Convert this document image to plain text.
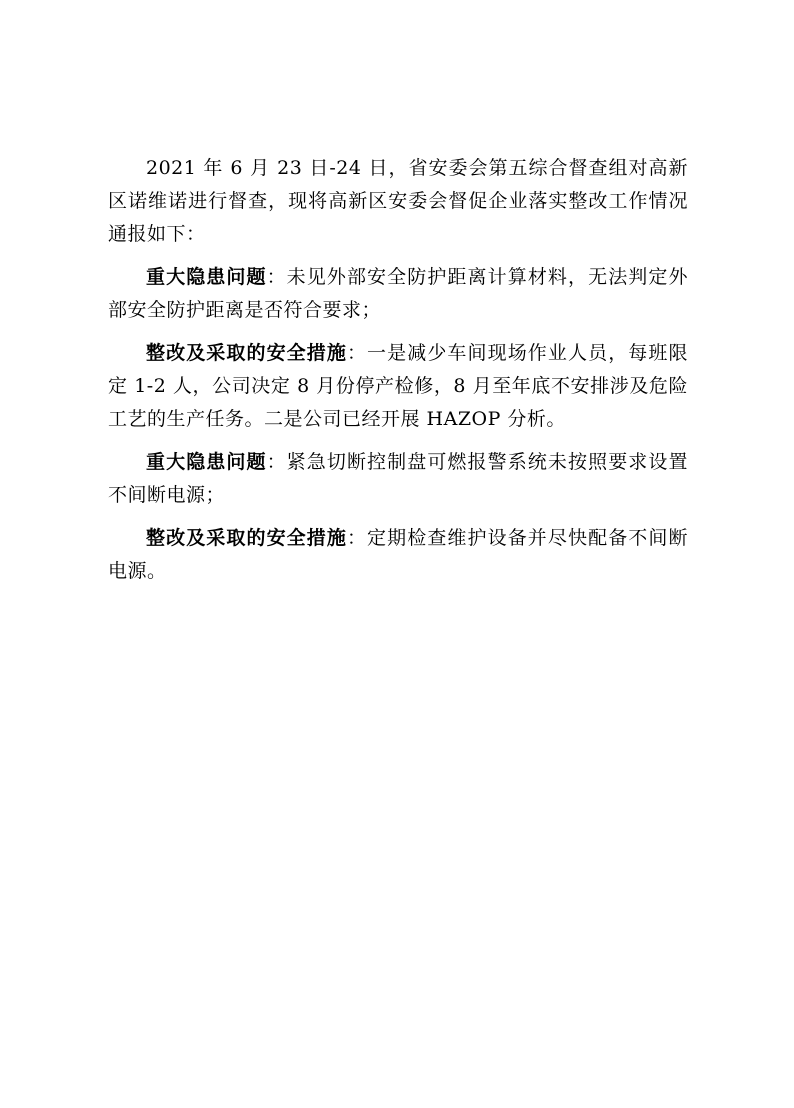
2021 年 6 月 23 日-24 日，省安委会第五综合督查组对高新区诺维诺进行督查，现将高新区安委会督促企业落实整改工作情况通报如下：

重大隐患问题：未见外部安全防护距离计算材料，无法判定外部安全防护距离是否符合要求；

整改及采取的安全措施：一是减少车间现场作业人员，每班限定 1-2 人，公司决定 8 月份停产检修，8 月至年底不安排涉及危险工艺的生产任务。二是公司已经开展 HAZOP 分析。

重大隐患问题：紧急切断控制盘可燃报警系统未按照要求设置不间断电源；

整改及采取的安全措施：定期检查维护设备并尽快配备不间断电源。
